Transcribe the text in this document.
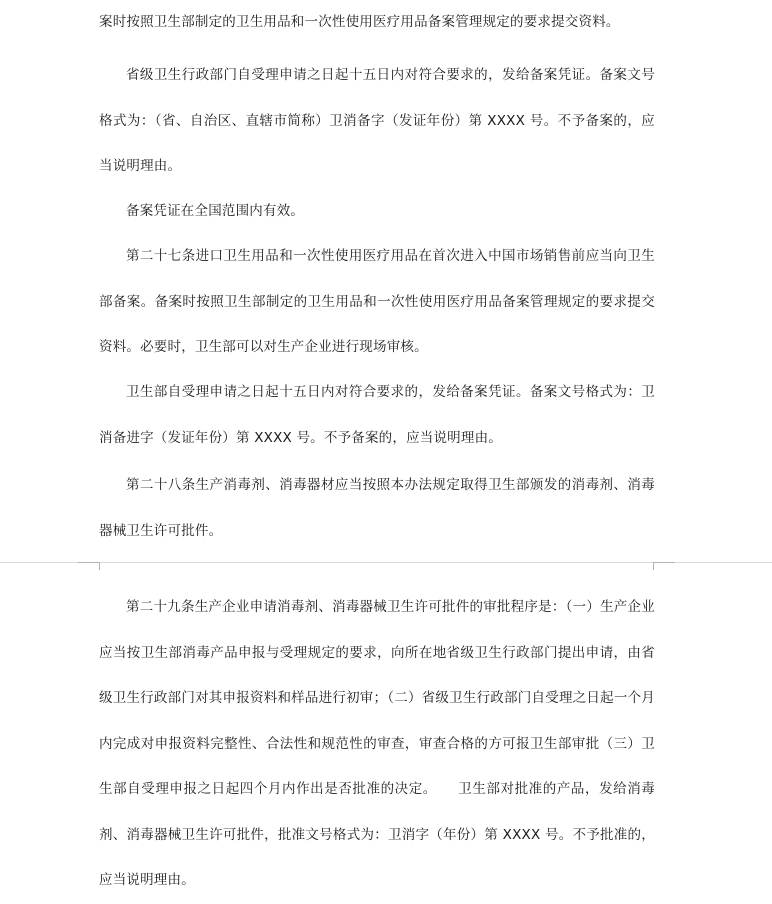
案时按照卫生部制定的卫生用品和一次性使用医疗用品备案管理规定的要求提交资料。

省级卫生行政部门自受理申请之日起十五日内对符合要求的，发给备案凭证。备案文号格式为：（省、自治区、直辖市简称）卫消备字（发证年份）第 XXXX 号。不予备案的，应当说明理由。

备案凭证在全国范围内有效。

第二十七条进口卫生用品和一次性使用医疗用品在首次进入中国市场销售前应当向卫生部备案。备案时按照卫生部制定的卫生用品和一次性使用医疗用品备案管理规定的要求提交资料。必要时，卫生部可以对生产企业进行现场审核。

卫生部自受理申请之日起十五日内对符合要求的，发给备案凭证。备案文号格式为：卫消备进字（发证年份）第 XXXX 号。不予备案的，应当说明理由。

第二十八条生产消毒剂、消毒器材应当按照本办法规定取得卫生部颁发的消毒剂、消毒器械卫生许可批件。

第二十九条生产企业申请消毒剂、消毒器械卫生许可批件的审批程序是：（一）生产企业应当按卫生部消毒产品申报与受理规定的要求，向所在地省级卫生行政部门提出申请，由省级卫生行政部门对其申报资料和样品进行初审；（二）省级卫生行政部门自受理之日起一个月内完成对申报资料完整性、合法性和规范性的审查，审查合格的方可报卫生部审批（三）卫生部自受理申报之日起四个月内作出是否批准的决定。　　卫生部对批准的产品，发给消毒剂、消毒器械卫生许可批件，批准文号格式为：卫消字（年份）第 XXXX 号。不予批准的，应当说明理由。
